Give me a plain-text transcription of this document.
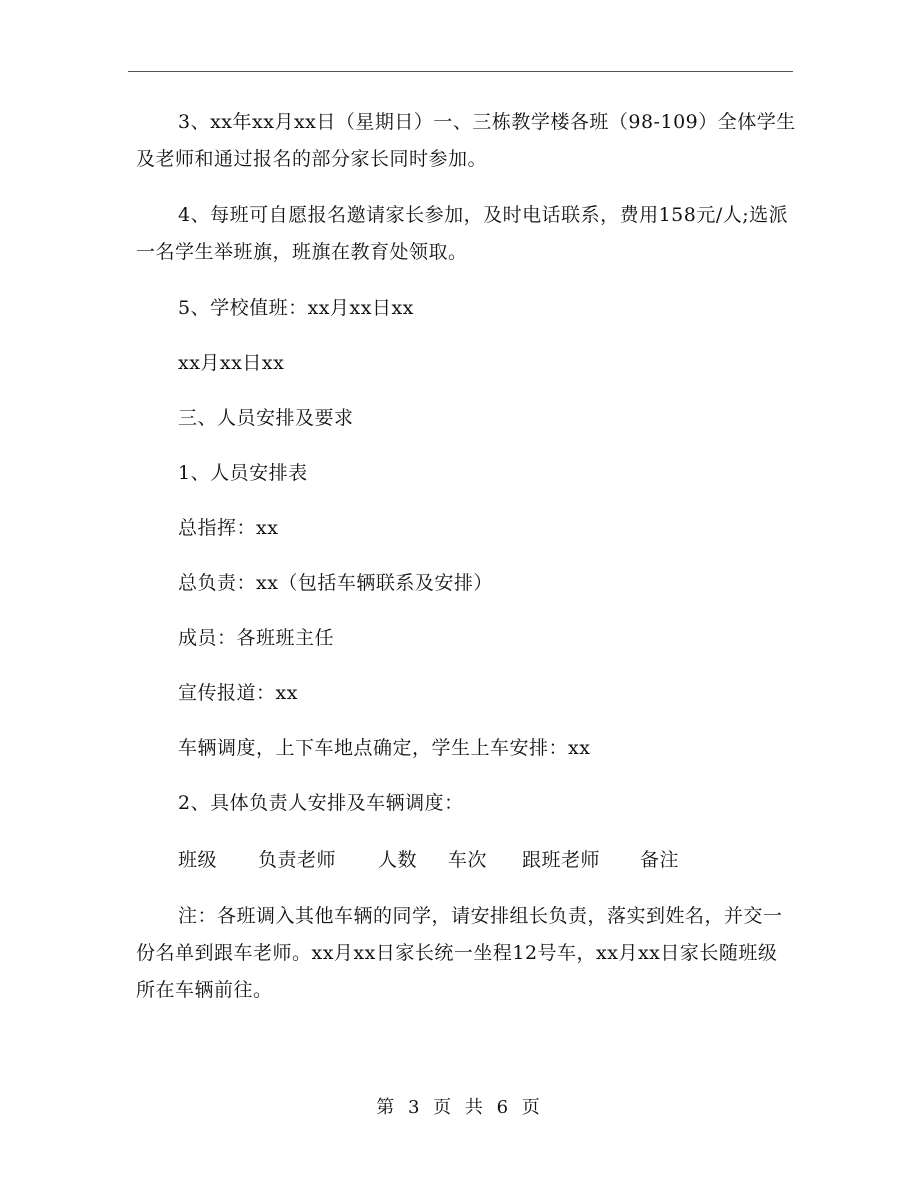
3、xx年xx月xx日（星期日）一、三栋教学楼各班（98-109）全体学生及老师和通过报名的部分家长同时参加。

4、每班可自愿报名邀请家长参加，及时电话联系，费用158元/人;选派一名学生举班旗，班旗在教育处领取。

5、学校值班：xx月xx日xx

xx月xx日xx

三、人员安排及要求

1、人员安排表

总指挥：xx

总负责：xx（包括车辆联系及安排）

成员：各班班主任

宣传报道：xx

车辆调度，上下车地点确定，学生上车安排：xx

2、具体负责人安排及车辆调度：

班级	负责老师	人数	车次	跟班老师	备注

注：各班调入其他车辆的同学，请安排组长负责，落实到姓名，并交一份名单到跟车老师。xx月xx日家长统一坐程12号车，xx月xx日家长随班级所在车辆前往。

第 3 页 共 6 页
